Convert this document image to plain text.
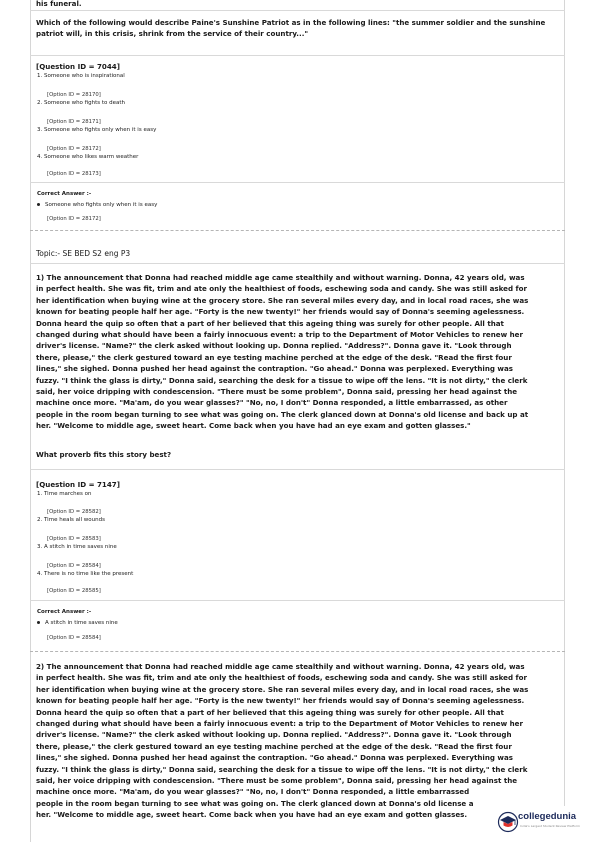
his funeral.
Which of the following would describe Paine's Sunshine Patriot as in the following lines: "the summer soldier and the sunshine patriot will, in this crisis, shrink from the service of their country..."
[Question ID = 7044]
1. Someone who is inspirational
[Option ID = 28170]
2. Someone who fights to death
[Option ID = 28171]
3. Someone who fights only when it is easy
[Option ID = 28172]
4. Someone who likes warm weather
[Option ID = 28173]
Correct Answer :-
Someone who fights only when it is easy
[Option ID = 28172]
Topic:- SE BED S2 eng P3
1) The announcement that Donna had reached middle age came stealthily and without warning. Donna, 42 years old, was
in perfect health. She was fit, trim and ate only the healthiest of foods, eschewing soda and candy. She was still asked for
her identification when buying wine at the grocery store. She ran several miles every day, and in local road races, she was
known for beating people half her age. "Forty is the new twenty!" her friends would say of Donna's seeming agelessness.
Donna heard the quip so often that a part of her believed that this ageing thing was surely for other people. All that
changed during what should have been a fairly innocuous event: a trip to the Department of Motor Vehicles to renew her
driver's license. "Name?" the clerk asked without looking up. Donna replied. "Address?". Donna gave it. "Look through
there, please," the clerk gestured toward an eye testing machine perched at the edge of the desk. "Read the first four
lines," she sighed. Donna pushed her head against the contraption. "Go ahead." Donna was perplexed. Everything was
fuzzy. "I think the glass is dirty," Donna said, searching the desk for a tissue to wipe off the lens. "It is not dirty," the clerk
said, her voice dripping with condescension. "There must be some problem", Donna said, pressing her head against the
machine once more. "Ma'am, do you wear glasses?" "No, no, I don't" Donna responded, a little embarrassed, as other
people in the room began turning to see what was going on. The clerk glanced down at Donna's old license and back up at
her. "Welcome to middle age, sweet heart. Come back when you have had an eye exam and gotten glasses."
What proverb fits this story best?
[Question ID = 7147]
1. Time marches on
[Option ID = 28582]
2. Time heals all wounds
[Option ID = 28583]
3. A stitch in time saves nine
[Option ID = 28584]
4. There is no time like the present
[Option ID = 28585]
Correct Answer :-
A stitch in time saves nine
[Option ID = 28584]
2) The announcement that Donna had reached middle age came stealthily and without warning. Donna, 42 years old, was
in perfect health. She was fit, trim and ate only the healthiest of foods, eschewing soda and candy. She was still asked for
her identification when buying wine at the grocery store. She ran several miles every day, and in local road races, she was
known for beating people half her age. "Forty is the new twenty!" her friends would say of Donna's seeming agelessness.
Donna heard the quip so often that a part of her believed that this ageing thing was surely for other people. All that
changed during what should have been a fairly innocuous event: a trip to the Department of Motor Vehicles to renew her
driver's license. "Name?" the clerk asked without looking up. Donna replied. "Address?". Donna gave it. "Look through
there, please," the clerk gestured toward an eye testing machine perched at the edge of the desk. "Read the first four
lines," she sighed. Donna pushed her head against the contraption. "Go ahead." Donna was perplexed. Everything was
fuzzy. "I think the glass is dirty," Donna said, searching the desk for a tissue to wipe off the lens. "It is not dirty," the clerk
said, her voice dripping with condescension. "There must be some problem", Donna said, pressing her head against the
machine once more. "Ma'am, do you wear glasses?" "No, no, I don't" Donna responded, a little embarrassed
people in the room began turning to see what was going on. The clerk glanced down at Donna's old license a
her. "Welcome to middle age, sweet heart. Come back when you have had an eye exam and gotten glasses.	collegedunia
India's Largest Student Review Platform
